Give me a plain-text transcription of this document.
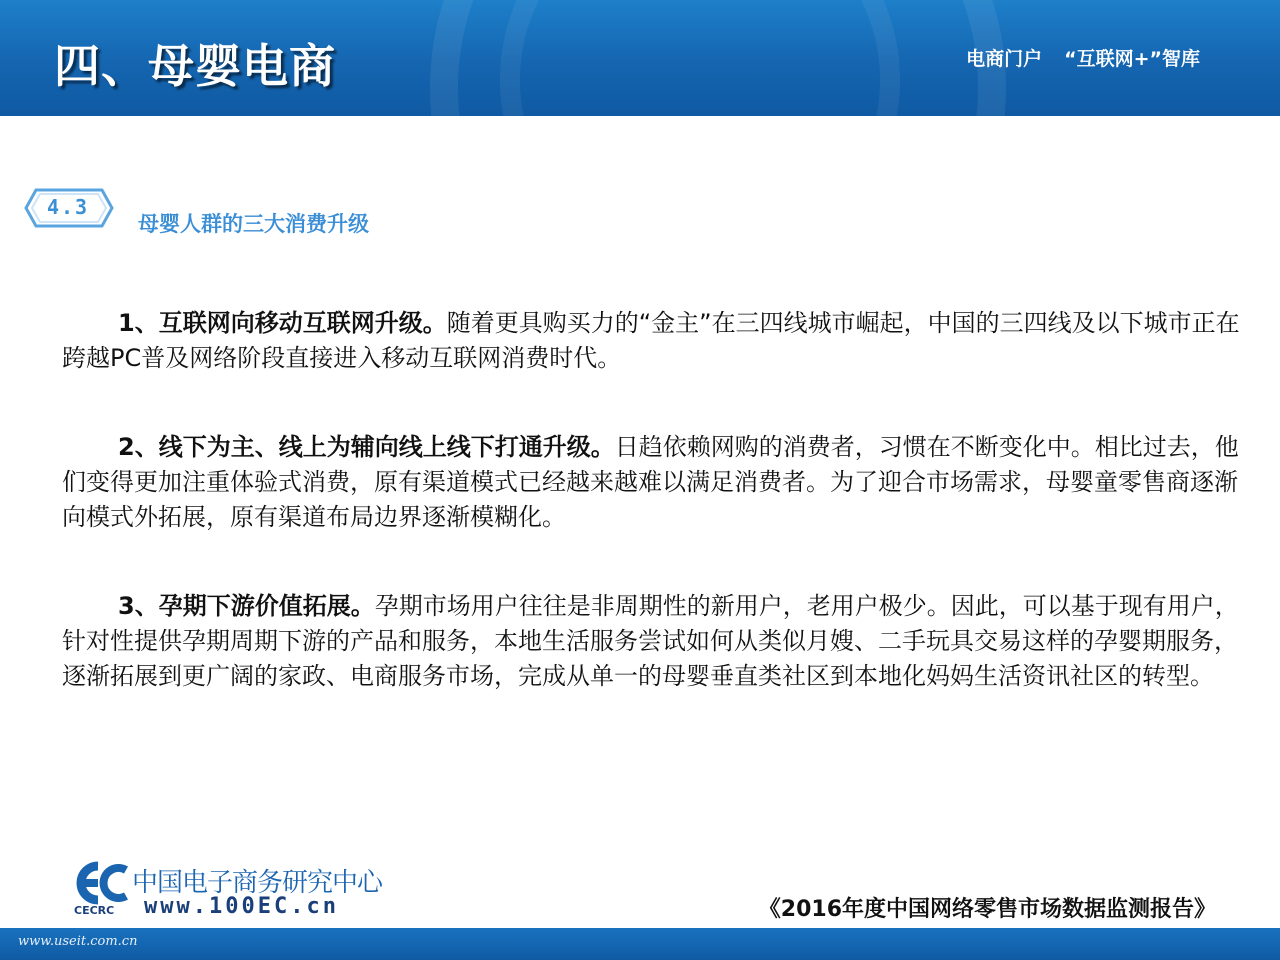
四、母婴电商	电商门户 “互联网+”智库
4.3
母婴人群的三大消费升级
1、互联网向移动互联网升级。随着更具购买力的“金主”在三四线城市崛起，中国的三四线及以下城市正在跨越PC普及网络阶段直接进入移动互联网消费时代。
2、线下为主、线上为辅向线上线下打通升级。日趋依赖网购的消费者，习惯在不断变化中。相比过去，他们变得更加注重体验式消费，原有渠道模式已经越来越难以满足消费者。为了迎合市场需求，母婴童零售商逐渐向模式外拓展，原有渠道布局边界逐渐模糊化。
3、孕期下游价值拓展。孕期市场用户往往是非周期性的新用户，老用户极少。因此，可以基于现有用户，针对性提供孕期周期下游的产品和服务，本地生活服务尝试如何从类似月嫂、二手玩具交易这样的孕婴期服务，逐渐拓展到更广阔的家政、电商服务市场，完成从单一的母婴垂直类社区到本地化妈妈生活资讯社区的转型。
中国电子商务研究中心
CECRC www.100EC.cn	《2016年度中国网络零售市场数据监测报告》
www.useit.com.cn
